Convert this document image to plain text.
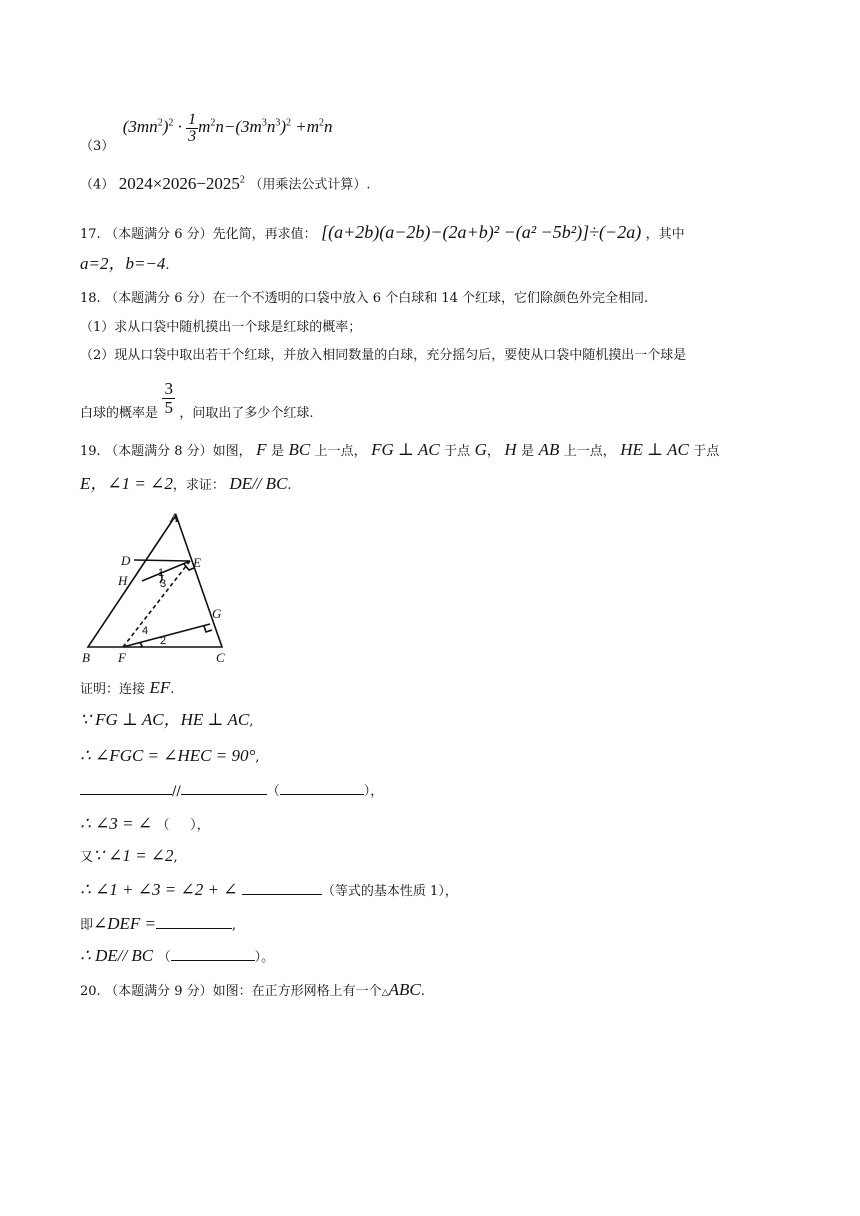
（3） $(3mn^2)^2 \cdot \frac{1}{3} m^2n-(3m^3n^3)^2 +m^2n$
（4） $2024\times 2026-2025^2$ （用乘法公式计算）.
17. （本题满分 6 分）先化简，再求值： [(a+2b)(a−2b)−(2a+b)² −(a² −5b²)]÷(−2a) ，其中
a=2，b=−4.
18. （本题满分 6 分）在一个不透明的口袋中放入 6 个白球和 14 个红球，它们除颜色外完全相同.
（1）求从口袋中随机摸出一个球是红球的概率；
（2）现从口袋中取出若干个红球，并放入相同数量的白球，充分摇匀后，要使从口袋中随机摸出一个球是
白球的概率是 $\frac{3}{5}$ ，问取出了多少个红球.
19. （本题满分 8 分）如图， F 是 BC 上一点， FG ⊥ AC 于点 G， H 是 AB 上一点， HE ⊥ AC 于点
E，∠1 = ∠2，求证： DE// BC.
A
B	C
D	E
F
G
H	1
2
3
4
证明：连接 EF.
∵ FG ⊥ AC，HE ⊥ AC,
∴ ∠FGC = ∠HEC = 90°,
//	（	），
∴ ∠3 = ∠ （     ），
又∵ ∠1 = ∠2,
∴ ∠1 + ∠3 = ∠2 + ∠	（等式的基本性质 1），
即∠DEF =	,
∴ DE// BC （	）。
20. （本题满分 9 分）如图：在正方形网格上有一个△ABC.
